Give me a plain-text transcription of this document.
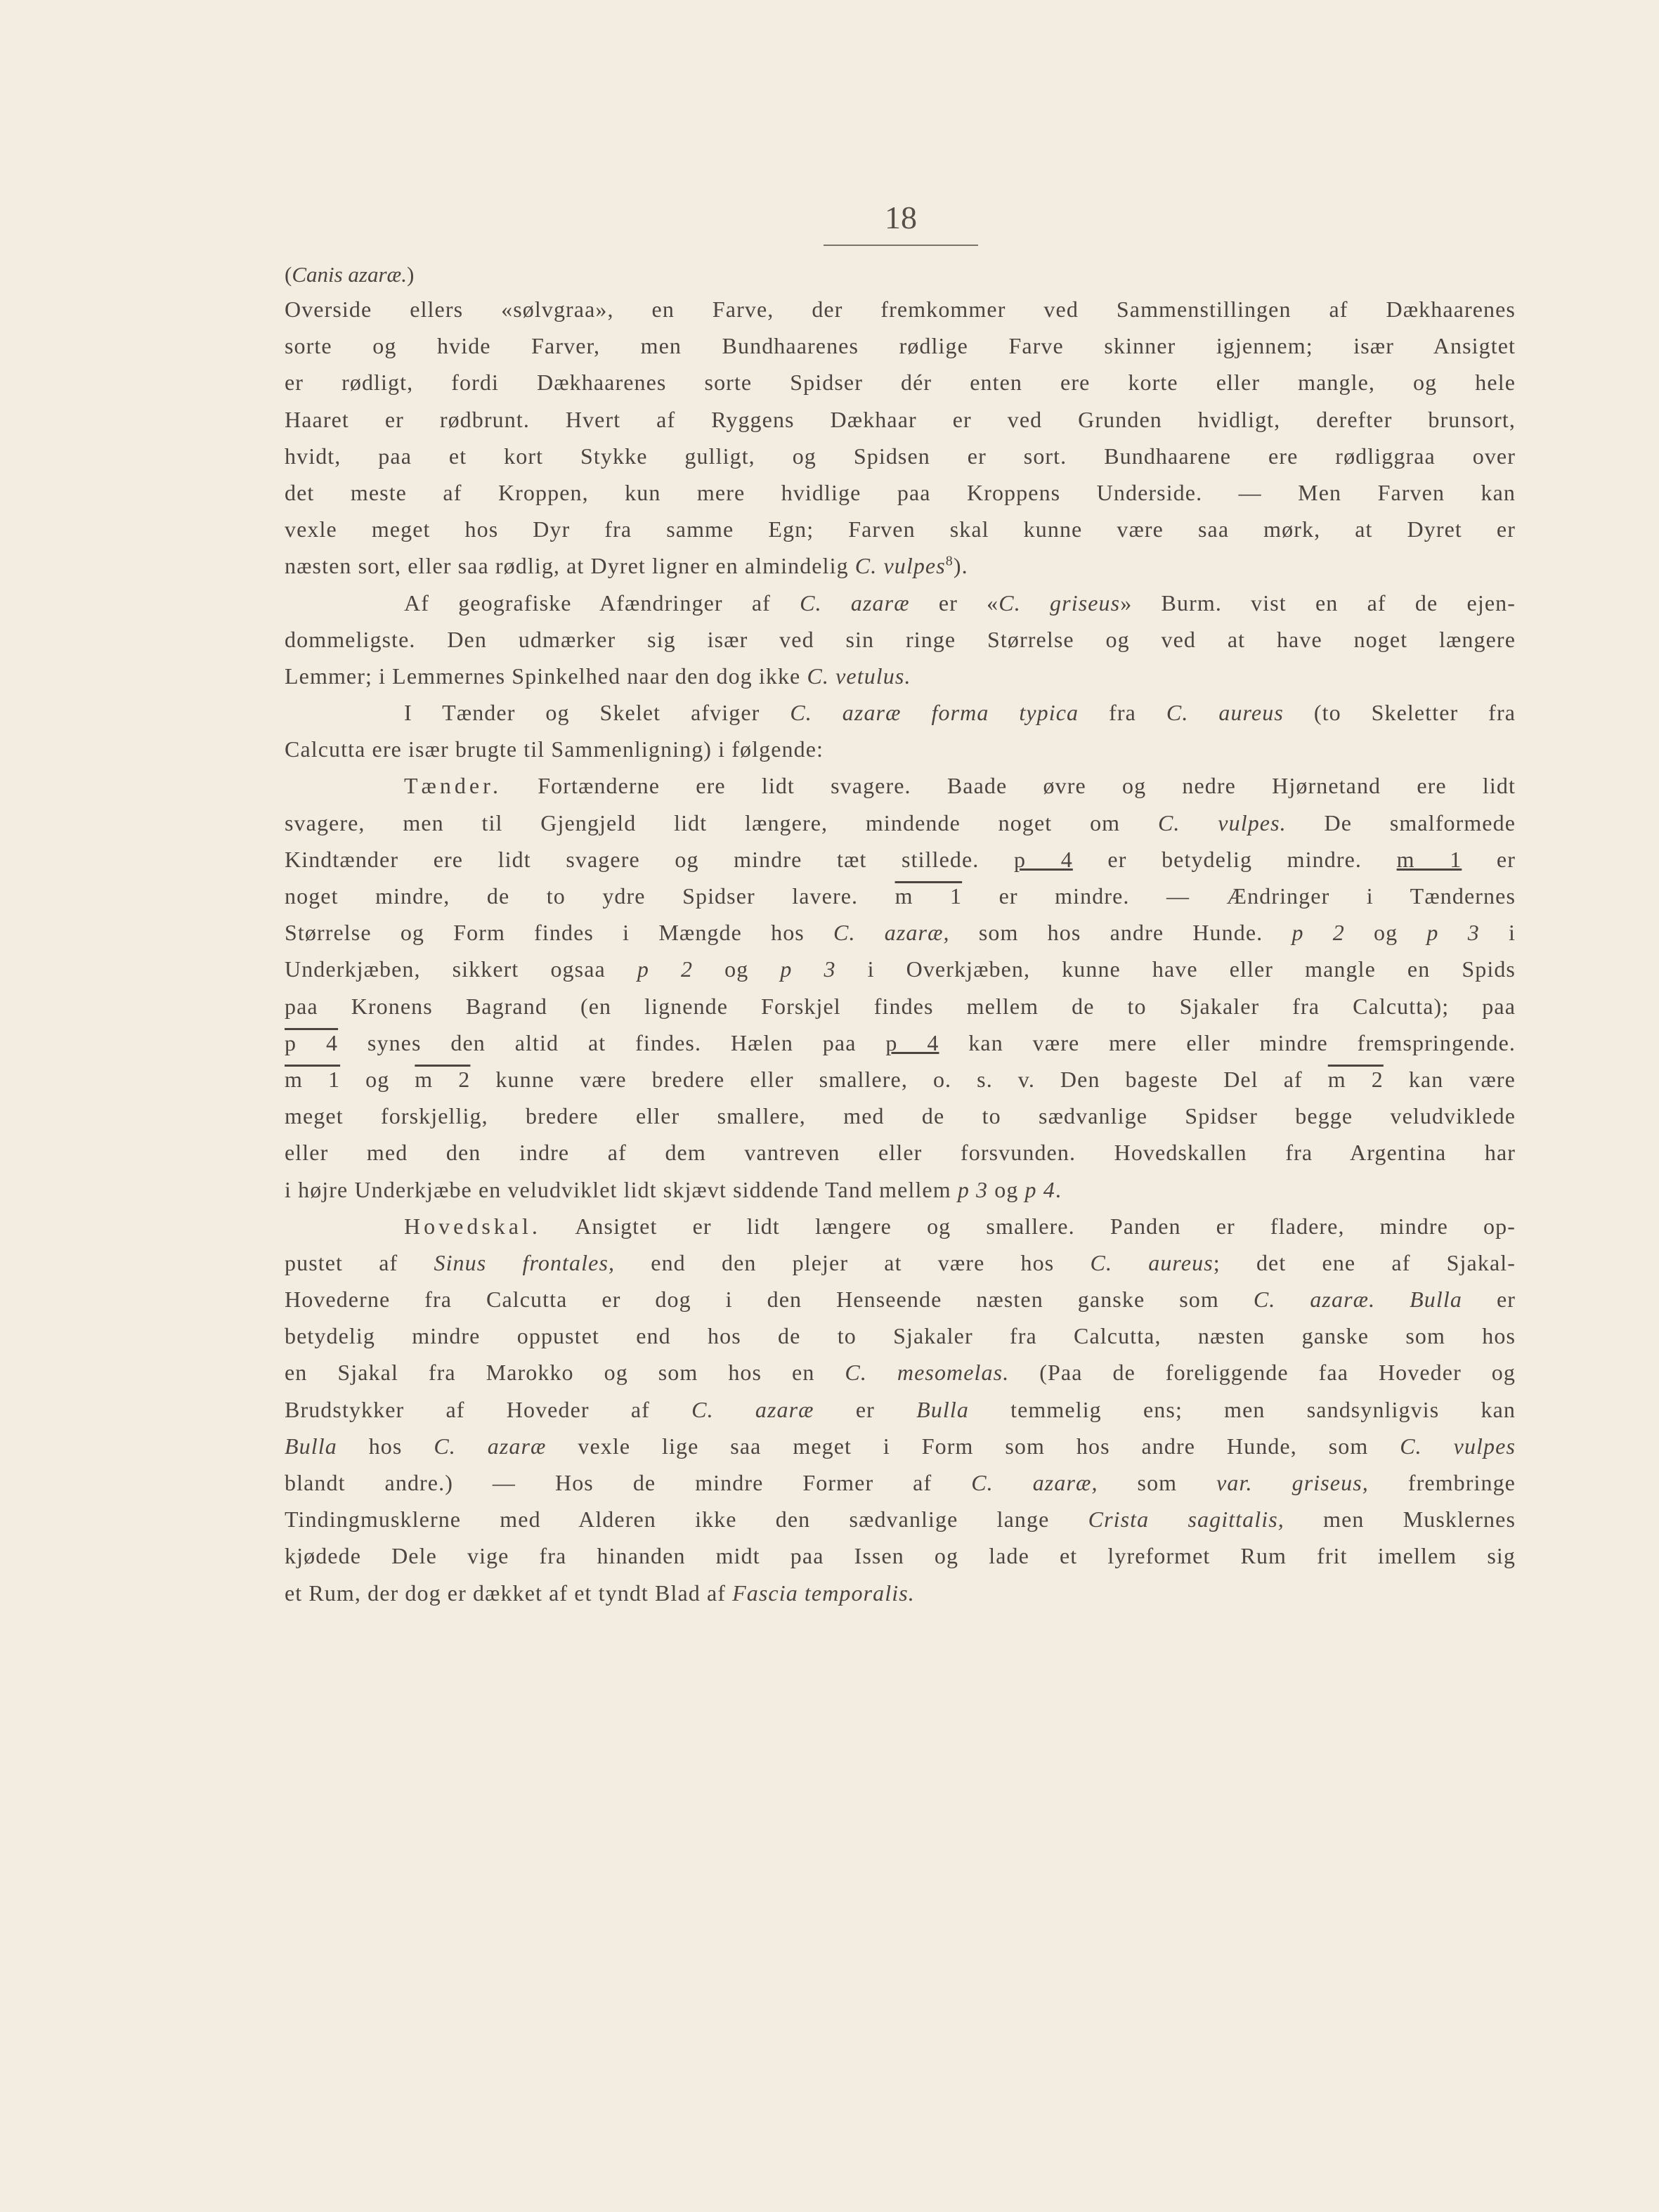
18
(Canis azaræ.)
Overside ellers «sølvgraa», en Farve, der fremkommer ved Sammenstillingen af Dækhaarenes
sorte og hvide Farver, men Bundhaarenes rødlige Farve skinner igjennem; især Ansigtet
er rødligt, fordi Dækhaarenes sorte Spidser dér enten ere korte eller mangle, og hele
Haaret er rødbrunt. Hvert af Ryggens Dækhaar er ved Grunden hvidligt, derefter brunsort,
hvidt, paa et kort Stykke gulligt, og Spidsen er sort. Bundhaarene ere rødliggraa over
det meste af Kroppen, kun mere hvidlige paa Kroppens Underside. — Men Farven kan
vexle meget hos Dyr fra samme Egn; Farven skal kunne være saa mørk, at Dyret er
næsten sort, eller saa rødlig, at Dyret ligner en almindelig C. vulpes$^8$).
Af geografiske Afændringer af C. azaræ er «C. griseus» Burm. vist en af de ejen-
dommeligste. Den udmærker sig især ved sin ringe Størrelse og ved at have noget længere
Lemmer; i Lemmernes Spinkelhed naar den dog ikke C. vetulus.
I Tænder og Skelet afviger C. azaræ forma typica fra C. aureus (to Skeletter fra
Calcutta ere især brugte til Sammenligning) i følgende:
Tænder. Fortænderne ere lidt svagere. Baade øvre og nedre Hjørnetand ere lidt
svagere, men til Gjengjeld lidt længere, mindende noget om C. vulpes. De smalformede
Kindtænder ere lidt svagere og mindre tæt stillede. p 4 er betydelig mindre. m 1 er
noget mindre, de to ydre Spidser lavere. m 1 er mindre. — Ændringer i Tændernes
Størrelse og Form findes i Mængde hos C. azaræ, som hos andre Hunde. p 2 og p 3 i
Underkjæben, sikkert ogsaa p 2 og p 3 i Overkjæben, kunne have eller mangle en Spids
paa Kronens Bagrand (en lignende Forskjel findes mellem de to Sjakaler fra Calcutta); paa
p 4 synes den altid at findes. Hælen paa p 4 kan være mere eller mindre fremspringende.
m 1 og m 2 kunne være bredere eller smallere, o. s. v. Den bageste Del af m 2 kan være
meget forskjellig, bredere eller smallere, med de to sædvanlige Spidser begge veludviklede
eller med den indre af dem vantreven eller forsvunden. Hovedskallen fra Argentina har
i højre Underkjæbe en veludviklet lidt skjævt siddende Tand mellem p 3 og p 4.
Hovedskal. Ansigtet er lidt længere og smallere. Panden er fladere, mindre op-
pustet af Sinus frontales, end den plejer at være hos C. aureus; det ene af Sjakal-
Hovederne fra Calcutta er dog i den Henseende næsten ganske som C. azaræ. Bulla er
betydelig mindre oppustet end hos de to Sjakaler fra Calcutta, næsten ganske som hos
en Sjakal fra Marokko og som hos en C. mesomelas. (Paa de foreliggende faa Hoveder og
Brudstykker af Hoveder af C. azaræ er Bulla temmelig ens; men sandsynligvis kan
Bulla hos C. azaræ vexle lige saa meget i Form som hos andre Hunde, som C. vulpes
blandt andre.) — Hos de mindre Former af C. azaræ, som var. griseus, frembringe
Tindingmusklerne med Alderen ikke den sædvanlige lange Crista sagittalis, men Musklernes
kjødede Dele vige fra hinanden midt paa Issen og lade et lyreformet Rum frit imellem sig
et Rum, der dog er dækket af et tyndt Blad af Fascia temporalis.
